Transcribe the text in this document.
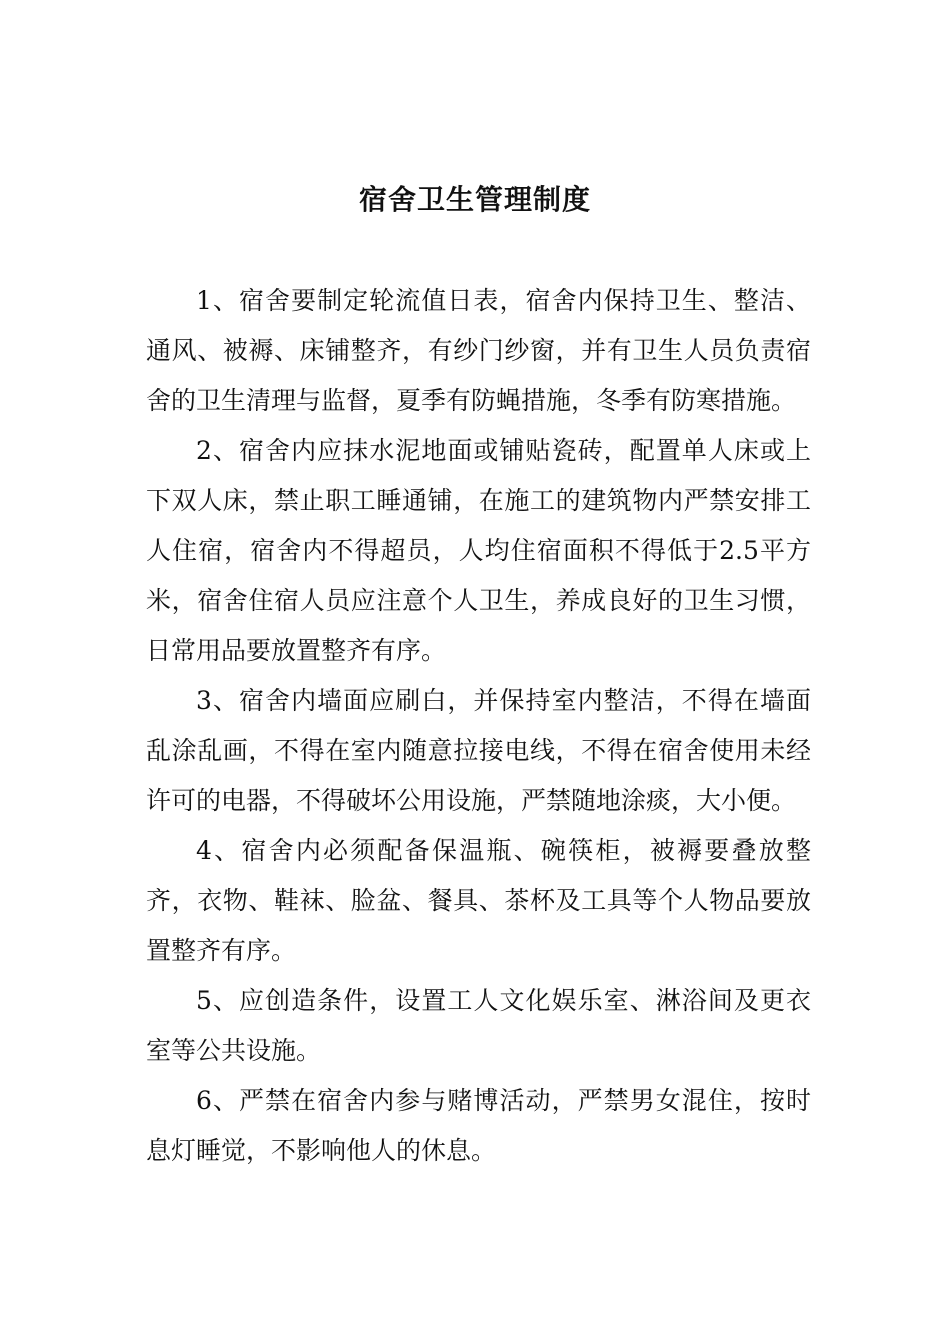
宿舍卫生管理制度

1、宿舍要制定轮流值日表，宿舍内保持卫生、整洁、通风、被褥、床铺整齐，有纱门纱窗，并有卫生人员负责宿舍的卫生清理与监督，夏季有防蝇措施，冬季有防寒措施。

2、宿舍内应抹水泥地面或铺贴瓷砖，配置单人床或上下双人床，禁止职工睡通铺，在施工的建筑物内严禁安排工人住宿，宿舍内不得超员，人均住宿面积不得低于2.5平方米，宿舍住宿人员应注意个人卫生，养成良好的卫生习惯，日常用品要放置整齐有序。

3、宿舍内墙面应刷白，并保持室内整洁，不得在墙面乱涂乱画，不得在室内随意拉接电线，不得在宿舍使用未经许可的电器，不得破坏公用设施，严禁随地涂痰，大小便。

4、宿舍内必须配备保温瓶、碗筷柜，被褥要叠放整齐，衣物、鞋袜、脸盆、餐具、茶杯及工具等个人物品要放置整齐有序。

5、应创造条件，设置工人文化娱乐室、淋浴间及更衣室等公共设施。

6、严禁在宿舍内参与赌博活动，严禁男女混住，按时息灯睡觉，不影响他人的休息。
